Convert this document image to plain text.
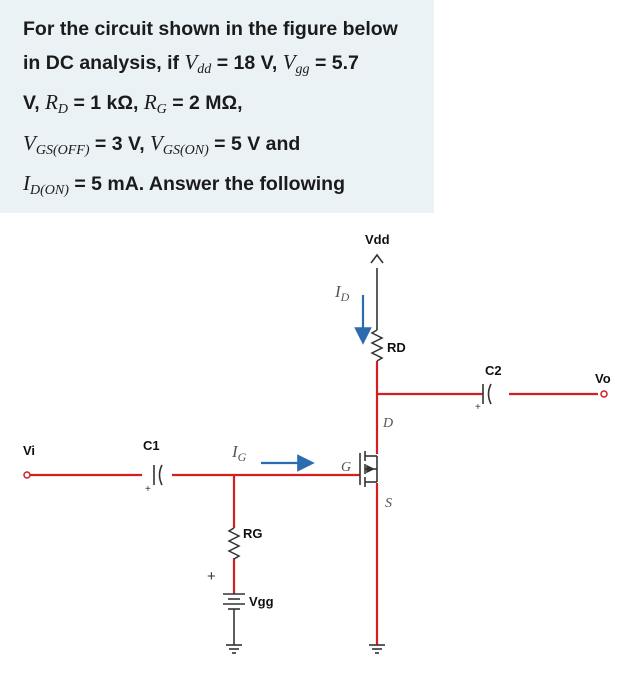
For the circuit shown in the figure below
in DC analysis, if $V_{dd} = 18$ V, $V_{gg} = 5.7$
V, $R_D = 1$ kΩ, $R_G = 2$ MΩ,
$V_{GS(OFF)} = 3$ V, $V_{GS(ON)} = 5$ V and
$I_{D(ON)} = 5$ mA. Answer the following

Vdd
$I_D$
RD
C2
+
Vo
D
G
S
Vi	C1
+
$I_G$
RG
Vgg
+
